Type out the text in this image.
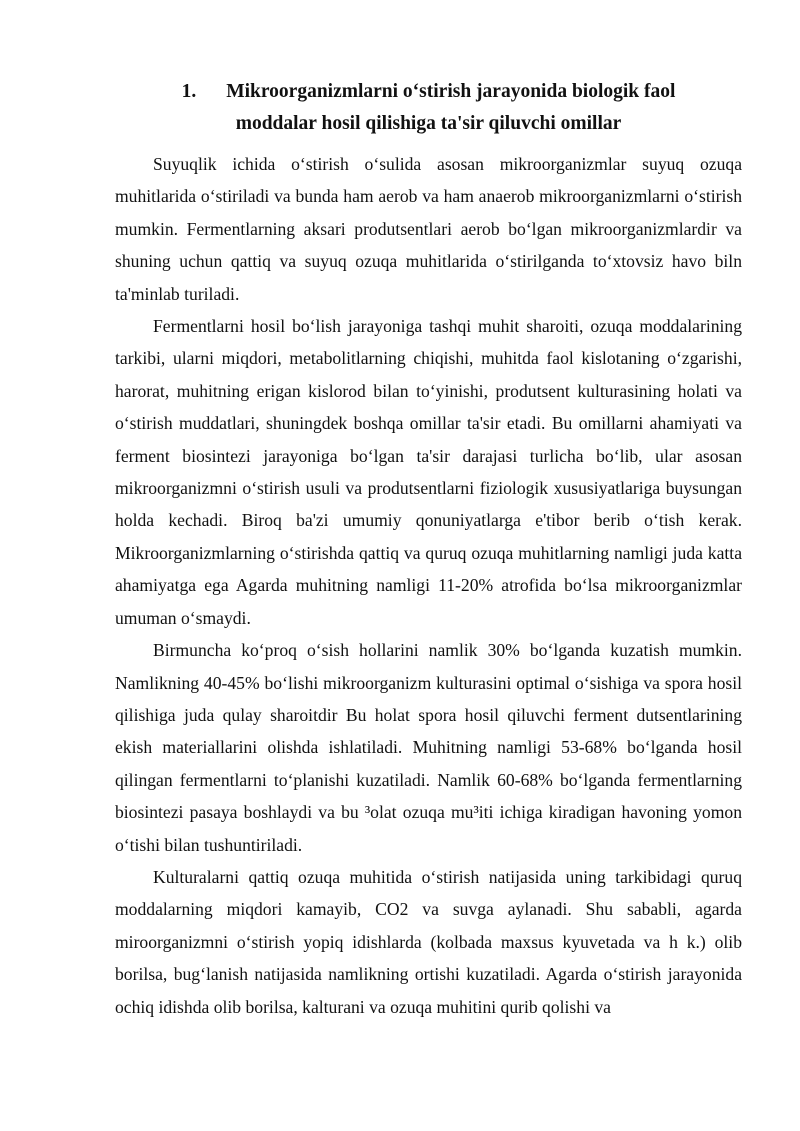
1. Mikroorganizmlarni o‘stirish jarayonida biologik faol
moddalar hosil qilishiga ta'sir qiluvchi omillar

Suyuqlik ichida o‘stirish o‘sulida asosan mikroorganizmlar suyuq ozuqa muhitlarida o‘stiriladi va bunda ham aerob va ham anaerob mikroorganizmlarni o‘stirish mumkin. Fermentlarning aksari produtsentlari aerob bo‘lgan mikroorganizmlardir va shuning uchun qattiq va suyuq ozuqa muhitlarida o‘stirilganda to‘xtovsiz havo biln ta'minlab turiladi.

Fermentlarni hosil bo‘lish jarayoniga tashqi muhit sharoiti, ozuqa moddalarining tarkibi, ularni miqdori, metabolitlarning chiqishi, muhitda faol kislotaning o‘zgarishi, harorat, muhitning erigan kislorod bilan to‘yinishi, produtsent kulturasining holati va o‘stirish muddatlari, shuningdek boshqa omillar ta'sir etadi. Bu omillarni ahamiyati va ferment biosintezi jarayoniga bo‘lgan ta'sir darajasi turlicha bo‘lib, ular asosan mikroorganizmni o‘stirish usuli va produtsentlarni fiziologik xususiyatlariga buysungan holda kechadi. Biroq ba'zi umumiy qonuniyatlarga e'tibor berib o‘tish kerak. Mikroorganizmlarning o‘stirishda qattiq va quruq ozuqa muhitlarning namligi juda katta ahamiyatga ega Agarda muhitning namligi 11-20% atrofida bo‘lsa mikroorganizmlar umuman o‘smaydi.

Birmuncha ko‘proq o‘sish hollarini namlik 30% bo‘lganda kuzatish mumkin. Namlikning 40-45% bo‘lishi mikroorganizm kulturasini optimal o‘sishiga va spora hosil qilishiga juda qulay sharoitdir Bu holat spora hosil qiluvchi ferment dutsentlarining ekish materiallarini olishda ishlatiladi. Muhitning namligi 53-68% bo‘lganda hosil qilingan fermentlarni to‘planishi kuzatiladi. Namlik 60-68% bo‘lganda fermentlarning biosintezi pasaya boshlaydi va bu ³olat ozuqa mu³iti ichiga kiradigan havoning yomon o‘tishi bilan tushuntiriladi.

Kulturalarni qattiq ozuqa muhitida o‘stirish natijasida uning tarkibidagi quruq moddalarning miqdori kamayib, CO2 va suvga aylanadi. Shu sababli, agarda miroorganizmni o‘stirish yopiq idishlarda (kolbada maxsus kyuvetada va h k.) olib borilsa, bug‘lanish natijasida namlikning ortishi kuzatiladi. Agarda o‘stirish jarayonida ochiq idishda olib borilsa, kalturani va ozuqa muhitini qurib qolishi va
